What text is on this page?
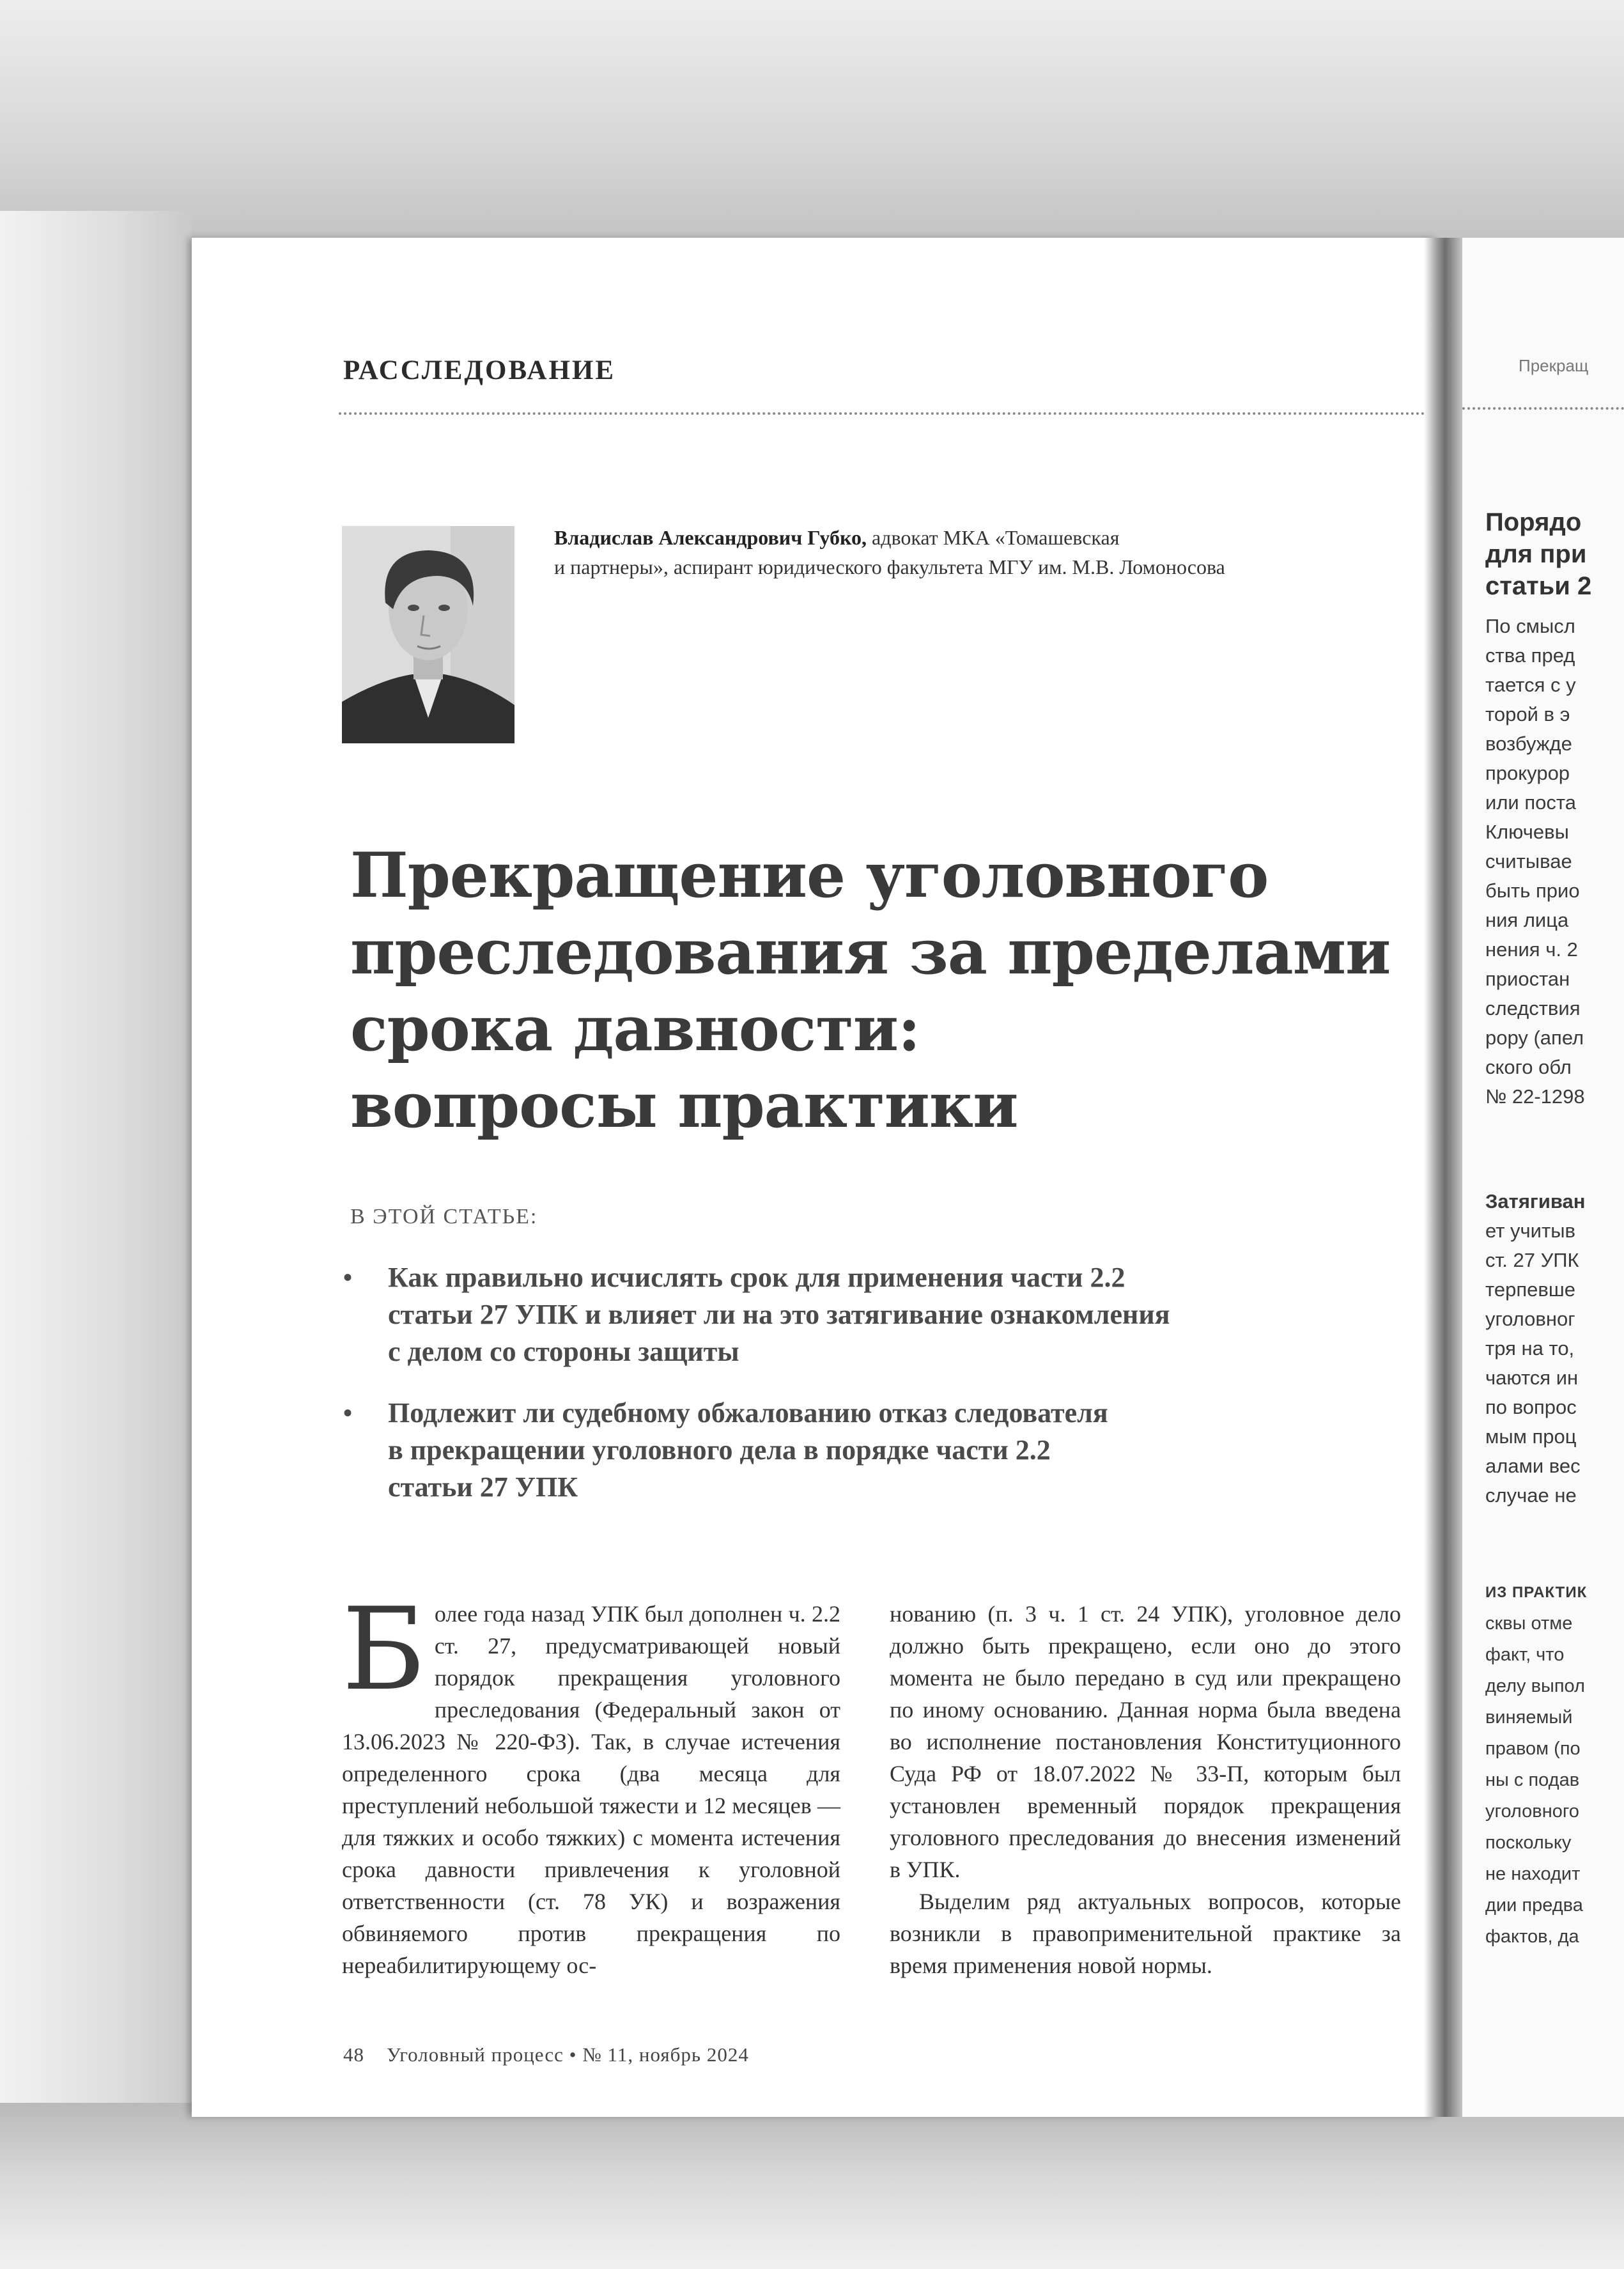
РАССЛЕДОВАНИЕ
Владислав Александрович Губко, адвокат МКА «Томашевская
и партнеры», аспирант юридического факультета МГУ им. М.В. Ломоносова
Прекращение уголовного
преследования за пределами
срока давности:
вопросы практики
В ЭТОЙ СТАТЬЕ:
• Как правильно исчислять срок для применения части 2.2
статьи 27 УПК и влияет ли на это затягивание ознакомления
с делом со стороны защиты
• Подлежит ли судебному обжалованию отказ следователя
в прекращении уголовного дела в порядке части 2.2
статьи 27 УПК

Более года назад УПК был дополнен ч. 2.2 ст. 27, предусматривающей новый порядок прекращения уголовного преследования (Федеральный закон от 13.06.2023 № 220-ФЗ). Так, в случае истечения определенного срока (два месяца для преступлений небольшой тяжести и 12 месяцев — для тяжких и особо тяжких) с момента истечения срока давности привлечения к уголовной ответственности (ст. 78 УК) и возражения обвиняемого против прекращения по нереабилитирующему ос-

нованию (п. 3 ч. 1 ст. 24 УПК), уголовное дело должно быть прекращено, если оно до этого момента не было передано в суд или прекращено по иному основанию. Данная норма была введена во исполнение постановления Конституционного Суда РФ от 18.07.2022 № 33-П, которым был установлен временный порядок прекращения уголовного преследования до внесения изменений в УПК.

Выделим ряд актуальных вопросов, которые возникли в правоприменительной практике за время применения новой нормы.

48 Уголовный процесс • № 11, ноябрь 2024
Прекращ
Порядо
для при
статьи 2
По смысл
ства пред
тается с у
торой в э
возбужде
прокурор
или поста
Ключевы
считывае
быть прио
ния лица
нения ч. 2
приостан
следствия
рору (апел
ского обл
№ 22-1298
Затягиван
ет учитыв
ст. 27 УПК
терпевше
уголовног
тря на то,
чаются ин
по вопрос
мым проц
алами вес
случае не
ИЗ ПРАКТИК
сквы отме
факт, что
делу выпол
виняемый
правом (по
ны с подав
уголовного
поскольку
не находит
дии предва
фактов, да
